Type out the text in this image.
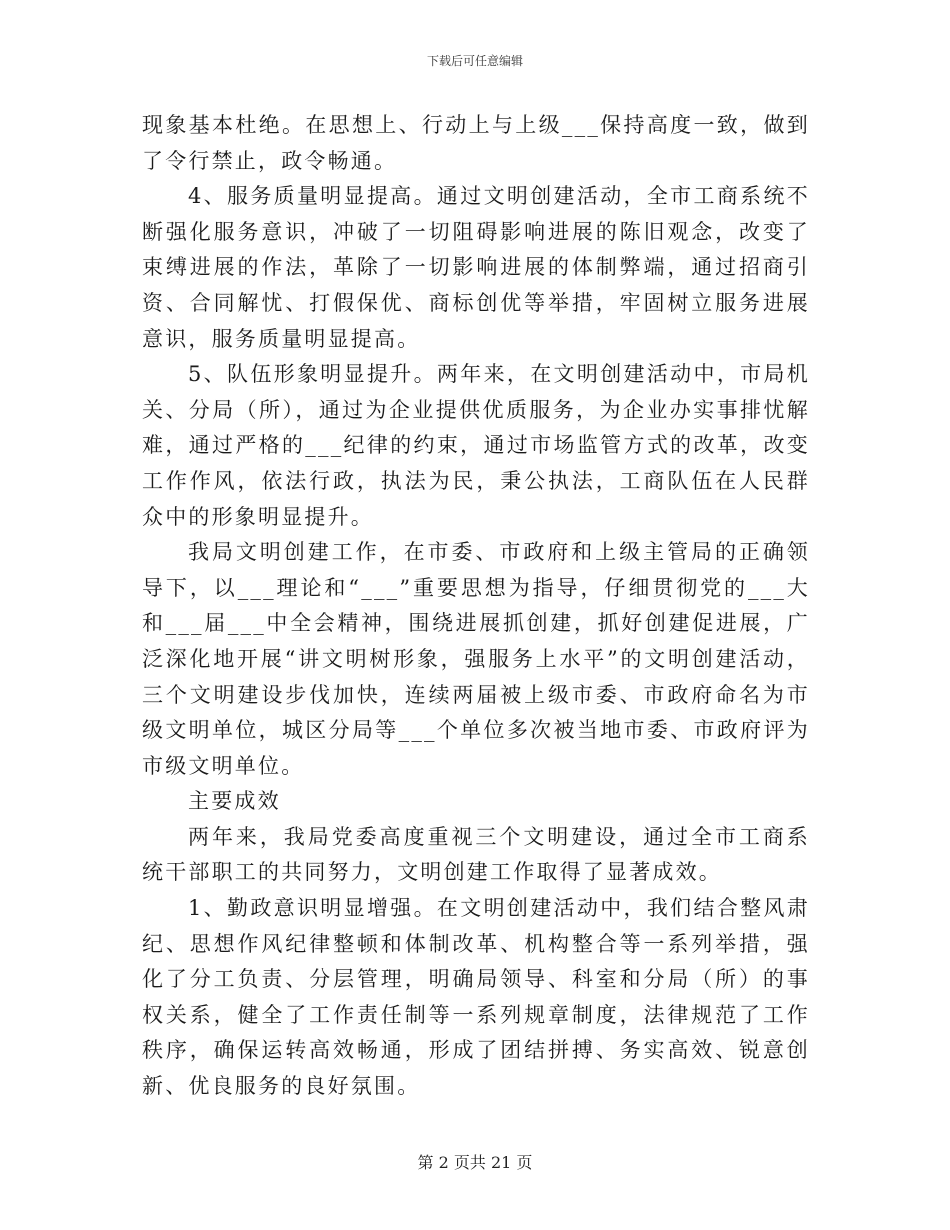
下载后可任意编辑

现象基本杜绝。在思想上、行动上与上级___保持高度一致，做到了令行禁止，政令畅通。

4、服务质量明显提高。通过文明创建活动，全市工商系统不断强化服务意识，冲破了一切阻碍影响进展的陈旧观念，改变了束缚进展的作法，革除了一切影响进展的体制弊端，通过招商引资、合同解忧、打假保优、商标创优等举措，牢固树立服务进展意识，服务质量明显提高。

5、队伍形象明显提升。两年来，在文明创建活动中，市局机关、分局（所），通过为企业提供优质服务，为企业办实事排忧解难，通过严格的___纪律的约束，通过市场监管方式的改革，改变工作作风，依法行政，执法为民，秉公执法，工商队伍在人民群众中的形象明显提升。

我局文明创建工作，在市委、市政府和上级主管局的正确领导下，以___理论和“___”重要思想为指导，仔细贯彻党的___大和___届___中全会精神，围绕进展抓创建，抓好创建促进展，广泛深化地开展“讲文明树形象，强服务上水平”的文明创建活动，三个文明建设步伐加快，连续两届被上级市委、市政府命名为市级文明单位，城区分局等___个单位多次被当地市委、市政府评为市级文明单位。

主要成效

两年来，我局党委高度重视三个文明建设，通过全市工商系统干部职工的共同努力，文明创建工作取得了显著成效。

1、勤政意识明显增强。在文明创建活动中，我们结合整风肃纪、思想作风纪律整顿和体制改革、机构整合等一系列举措，强化了分工负责、分层管理，明确局领导、科室和分局（所）的事权关系，健全了工作责任制等一系列规章制度，法律规范了工作秩序，确保运转高效畅通，形成了团结拼搏、务实高效、锐意创新、优良服务的良好氛围。

第 2 页共 21 页
